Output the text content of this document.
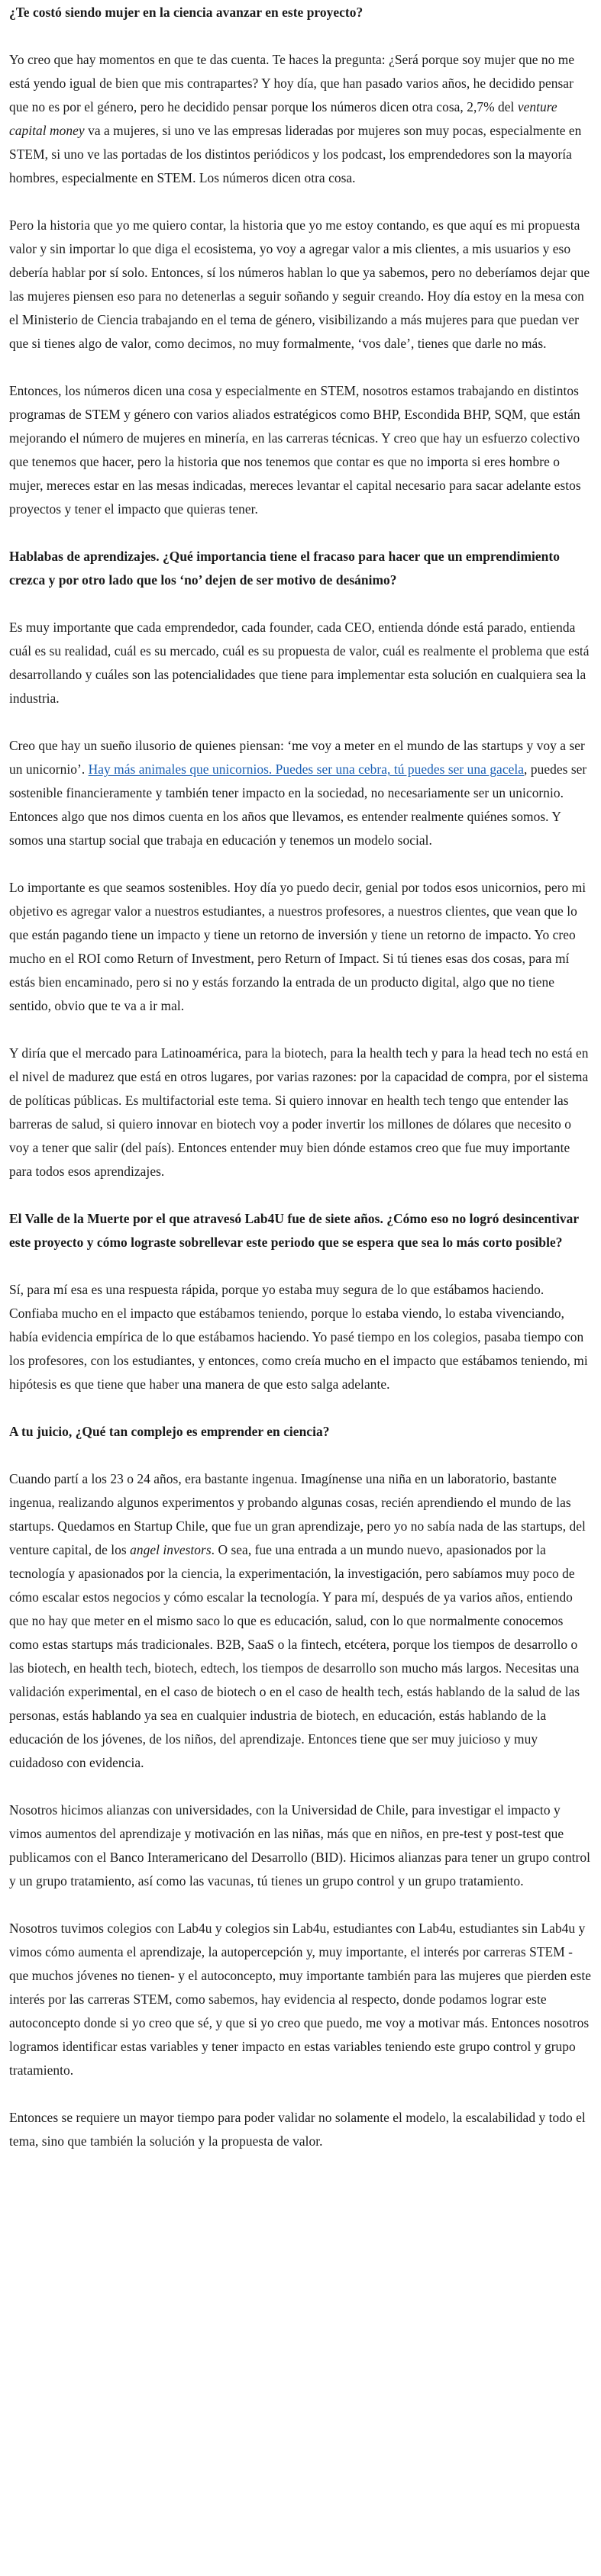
¿Te costó siendo mujer en la ciencia avanzar en este proyecto?

Yo creo que hay momentos en que te das cuenta. Te haces la pregunta: ¿Será porque soy mujer que no me está yendo igual de bien que mis contrapartes? Y hoy día, que han pasado varios años, he decidido pensar que no es por el género, pero he decidido pensar porque los números dicen otra cosa, 2,7% del venture capital money va a mujeres, si uno ve las empresas lideradas por mujeres son muy pocas, especialmente en STEM, si uno ve las portadas de los distintos periódicos y los podcast, los emprendedores son la mayoría hombres, especialmente en STEM. Los números dicen otra cosa.

Pero la historia que yo me quiero contar, la historia que yo me estoy contando, es que aquí es mi propuesta valor y sin importar lo que diga el ecosistema, yo voy a agregar valor a mis clientes, a mis usuarios y eso debería hablar por sí solo. Entonces, sí los números hablan lo que ya sabemos, pero no deberíamos dejar que las mujeres piensen eso para no detenerlas a seguir soñando y seguir creando. Hoy día estoy en la mesa con el Ministerio de Ciencia trabajando en el tema de género, visibilizando a más mujeres para que puedan ver que si tienes algo de valor, como decimos, no muy formalmente, ‘vos dale’, tienes que darle no más.

Entonces, los números dicen una cosa y especialmente en STEM, nosotros estamos trabajando en distintos programas de STEM y género con varios aliados estratégicos como BHP, Escondida BHP, SQM, que están mejorando el número de mujeres en minería, en las carreras técnicas. Y creo que hay un esfuerzo colectivo que tenemos que hacer, pero la historia que nos tenemos que contar es que no importa si eres hombre o mujer, mereces estar en las mesas indicadas, mereces levantar el capital necesario para sacar adelante estos proyectos y tener el impacto que quieras tener.

Hablabas de aprendizajes. ¿Qué importancia tiene el fracaso para hacer que un emprendimiento crezca y por otro lado que los ‘no’ dejen de ser motivo de desánimo?

Es muy importante que cada emprendedor, cada founder, cada CEO, entienda dónde está parado, entienda cuál es su realidad, cuál es su mercado, cuál es su propuesta de valor, cuál es realmente el problema que está desarrollando y cuáles son las potencialidades que tiene para implementar esta solución en cualquiera sea la industria.

Creo que hay un sueño ilusorio de quienes piensan: ‘me voy a meter en el mundo de las startups y voy a ser un unicornio’. Hay más animales que unicornios. Puedes ser una cebra, tú puedes ser una gacela, puedes ser sostenible financieramente y también tener impacto en la sociedad, no necesariamente ser un unicornio. Entonces algo que nos dimos cuenta en los años que llevamos, es entender realmente quiénes somos. Y somos una startup social que trabaja en educación y tenemos un modelo social.

Lo importante es que seamos sostenibles. Hoy día yo puedo decir, genial por todos esos unicornios, pero mi objetivo es agregar valor a nuestros estudiantes, a nuestros profesores, a nuestros clientes, que vean que lo que están pagando tiene un impacto y tiene un retorno de inversión y tiene un retorno de impacto. Yo creo mucho en el ROI como Return of Investment, pero Return of Impact. Si tú tienes esas dos cosas, para mí estás bien encaminado, pero si no y estás forzando la entrada de un producto digital, algo que no tiene sentido, obvio que te va a ir mal.

Y diría que el mercado para Latinoamérica, para la biotech, para la health tech y para la head tech no está en el nivel de madurez que está en otros lugares, por varias razones: por la capacidad de compra, por el sistema de políticas públicas. Es multifactorial este tema. Si quiero innovar en health tech tengo que entender las barreras de salud, si quiero innovar en biotech voy a poder invertir los millones de dólares que necesito o voy a tener que salir (del país). Entonces entender muy bien dónde estamos creo que fue muy importante para todos esos aprendizajes.

El Valle de la Muerte por el que atravesó Lab4U fue de siete años. ¿Cómo eso no logró desincentivar este proyecto y cómo lograste sobrellevar este periodo que se espera que sea lo más corto posible?

Sí, para mí esa es una respuesta rápida, porque yo estaba muy segura de lo que estábamos haciendo. Confiaba mucho en el impacto que estábamos teniendo, porque lo estaba viendo, lo estaba vivenciando, había evidencia empírica de lo que estábamos haciendo. Yo pasé tiempo en los colegios, pasaba tiempo con los profesores, con los estudiantes, y entonces, como creía mucho en el impacto que estábamos teniendo, mi hipótesis es que tiene que haber una manera de que esto salga adelante.

A tu juicio, ¿Qué tan complejo es emprender en ciencia?

Cuando partí a los 23 o 24 años, era bastante ingenua. Imagínense una niña en un laboratorio, bastante ingenua, realizando algunos experimentos y probando algunas cosas, recién aprendiendo el mundo de las startups. Quedamos en Startup Chile, que fue un gran aprendizaje, pero yo no sabía nada de las startups, del venture capital, de los angel investors. O sea, fue una entrada a un mundo nuevo, apasionados por la tecnología y apasionados por la ciencia, la experimentación, la investigación, pero sabíamos muy poco de cómo escalar estos negocios y cómo escalar la tecnología. Y para mí, después de ya varios años, entiendo que no hay que meter en el mismo saco lo que es educación, salud, con lo que normalmente conocemos como estas startups más tradicionales. B2B, SaaS o la fintech, etcétera, porque los tiempos de desarrollo o las biotech, en health tech, biotech, edtech, los tiempos de desarrollo son mucho más largos. Necesitas una validación experimental, en el caso de biotech o en el caso de health tech, estás hablando de la salud de las personas, estás hablando ya sea en cualquier industria de biotech, en educación, estás hablando de la educación de los jóvenes, de los niños, del aprendizaje. Entonces tiene que ser muy juicioso y muy cuidadoso con evidencia.

Nosotros hicimos alianzas con universidades, con la Universidad de Chile, para investigar el impacto y vimos aumentos del aprendizaje y motivación en las niñas, más que en niños, en pre-test y post-test que publicamos con el Banco Interamericano del Desarrollo (BID). Hicimos alianzas para tener un grupo control y un grupo tratamiento, así como las vacunas, tú tienes un grupo control y un grupo tratamiento.

Nosotros tuvimos colegios con Lab4u y colegios sin Lab4u, estudiantes con Lab4u, estudiantes sin Lab4u y vimos cómo aumenta el aprendizaje, la autopercepción y, muy importante, el interés por carreras STEM -que muchos jóvenes no tienen- y el autoconcepto, muy importante también para las mujeres que pierden este interés por las carreras STEM, como sabemos, hay evidencia al respecto, donde podamos lograr este autoconcepto donde si yo creo que sé, y que si yo creo que puedo, me voy a motivar más. Entonces nosotros logramos identificar estas variables y tener impacto en estas variables teniendo este grupo control y grupo tratamiento.

Entonces se requiere un mayor tiempo para poder validar no solamente el modelo, la escalabilidad y todo el tema, sino que también la solución y la propuesta de valor.
